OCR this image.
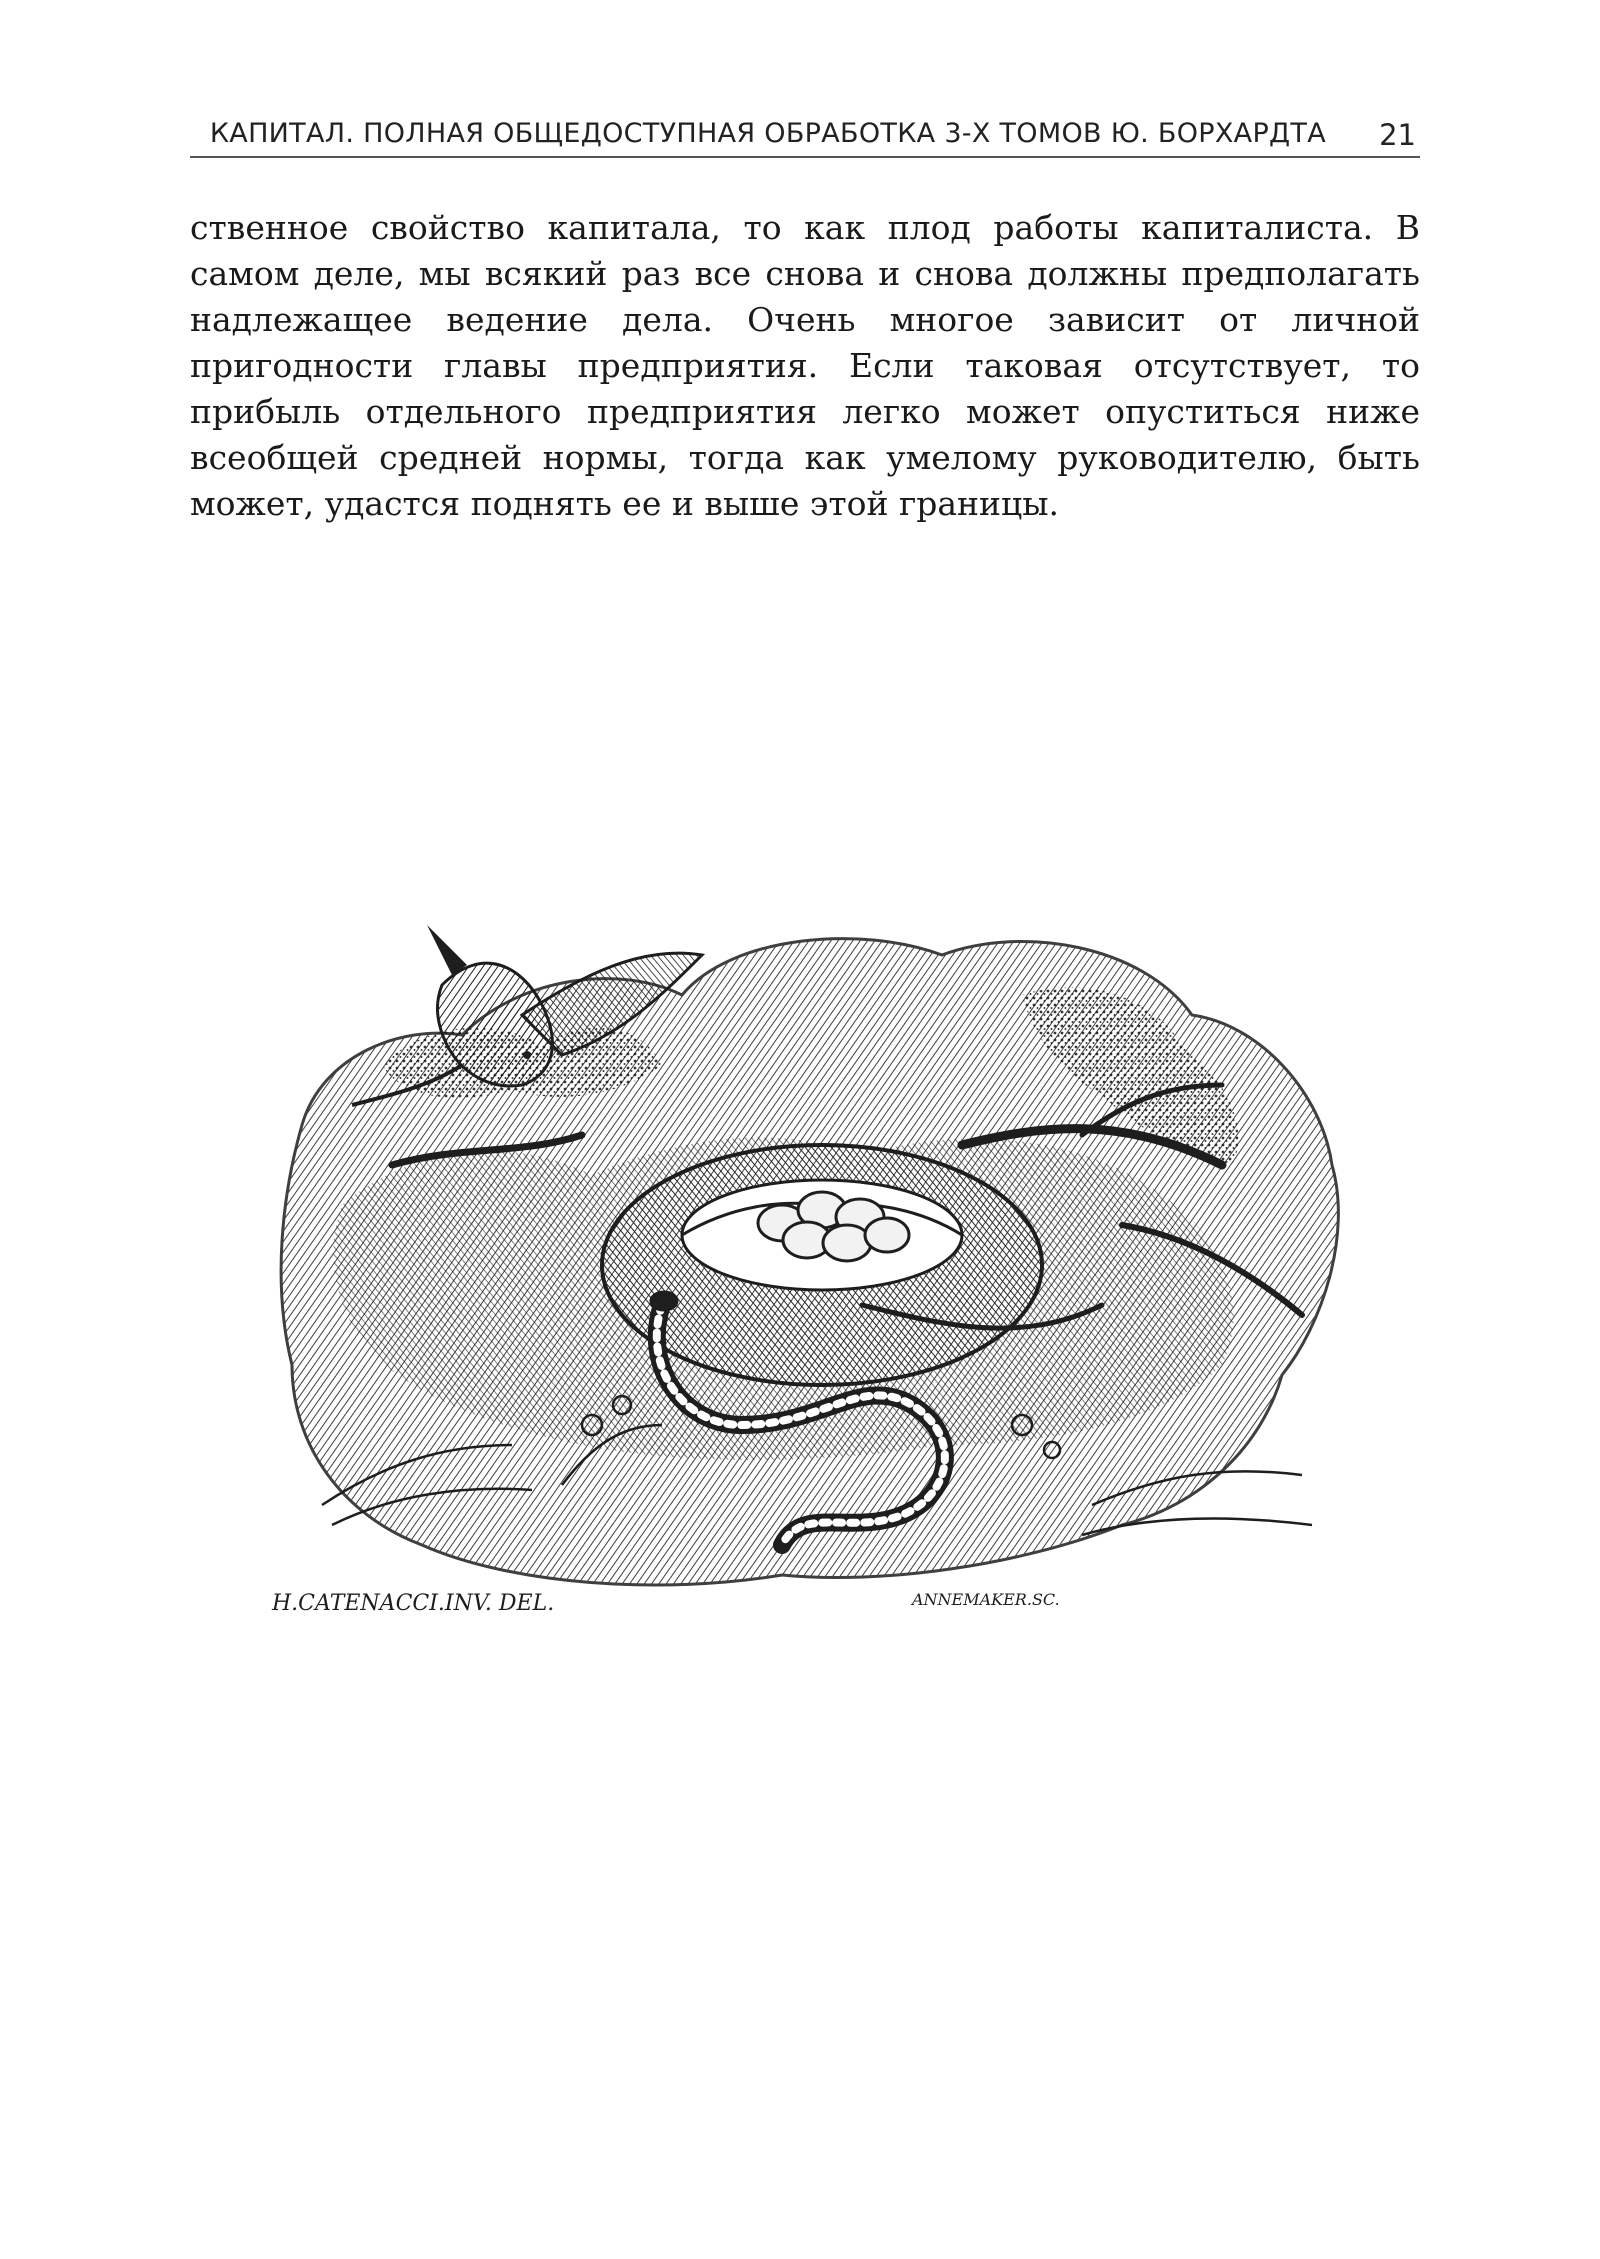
КАПИТАЛ. ПОЛНАЯ ОБЩЕДОСТУПНАЯ ОБРАБОТКА 3-Х ТОМОВ Ю. БОРХАРДТА 21

ственное свойство капитала, то как плод работы капиталиста. В самом деле, мы всякий раз все снова и снова должны предполагать надлежащее ведение дела. Очень многое зависит от личной пригодности главы предприятия. Если таковая отсутствует, то прибыль отдельного предприятия легко может опуститься ниже всеобщей средней нормы, тогда как умелому руководителю, быть может, удастся поднять ее и выше этой границы.

H.CATENACCI.INV. DEL.	ANNEMAKER.SC.
